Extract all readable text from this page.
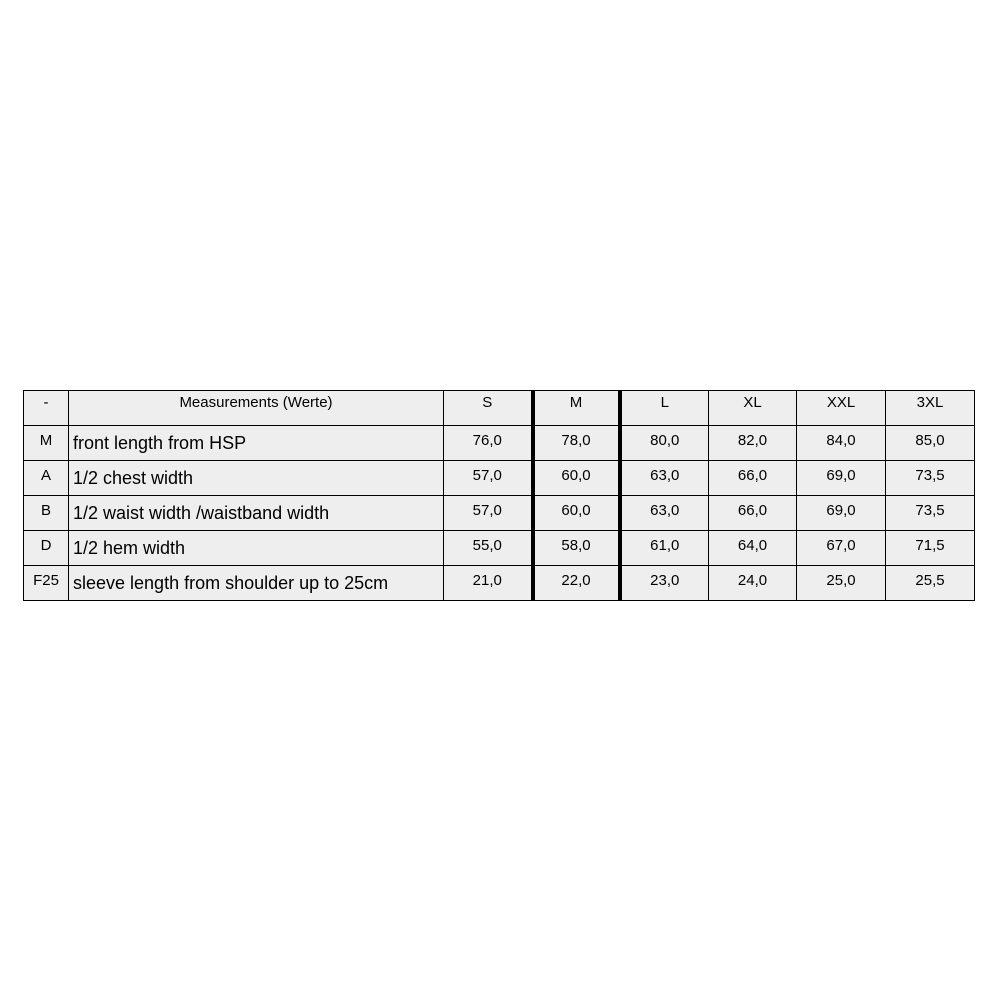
-	Measurements (Werte)	S	M	L	XL	XXL	3XL
M	front length from HSP	76,0	78,0	80,0	82,0	84,0	85,0
A	1/2 chest width	57,0	60,0	63,0	66,0	69,0	73,5
B	1/2 waist width /waistband width	57,0	60,0	63,0	66,0	69,0	73,5
D	1/2 hem width	55,0	58,0	61,0	64,0	67,0	71,5
F25	sleeve length from shoulder up to 25cm	21,0	22,0	23,0	24,0	25,0	25,5
